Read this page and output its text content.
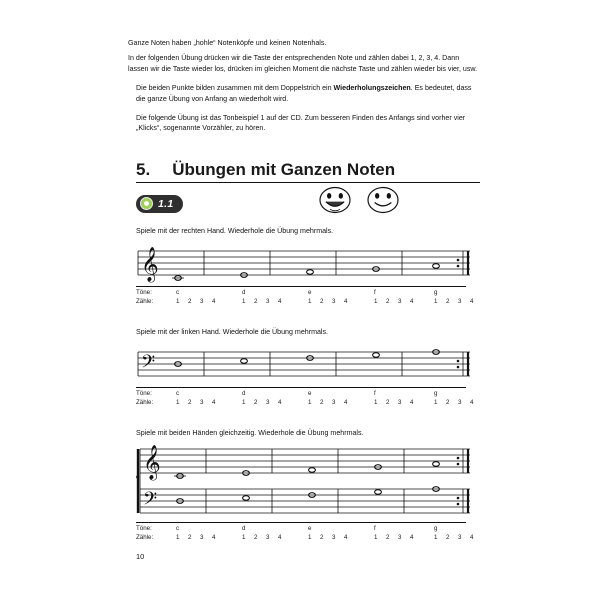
Ganze Noten haben „hohle“ Notenköpfe und keinen Notenhals.

In der folgenden Übung drücken wir die Taste der entsprechenden Note und zählen dabei 1, 2, 3, 4. Dann lassen wir die Taste wieder los, drücken im gleichen Moment die nächste Taste und zählen wieder bis vier, usw.

Die beiden Punkte bilden zusammen mit dem Doppelstrich ein Wiederholungszeichen. Es bedeutet, dass die ganze Übung von Anfang an wiederholt wird.

Die folgende Übung ist das Tonbeispiel 1 auf der CD. Zum besseren Finden des Anfangs sind vorher vier „Klicks“, sogenannte Vorzähler, zu hören.

5. Übungen mit Ganzen Noten
1.1

Spiele mit der rechten Hand. Wiederhole die Übung mehrmals.

𝄞
Töne:	c	d	e	f	g
Zähle:	1 2 3 4	1 2 3 4	1 2 3 4	1 2 3 4	1 2 3 4

Spiele mit der linken Hand. Wiederhole die Übung mehrmals.

𝄢
Töne:	c	d	e	f	g
Zähle:	1 2 3 4	1 2 3 4	1 2 3 4	1 2 3 4	1 2 3 4

Spiele mit beiden Händen gleichzeitig. Wiederhole die Übung mehrmals.

𝄞
𝄢
Töne:	c	d	e	f	g
Zähle:	1 2 3 4	1 2 3 4	1 2 3 4	1 2 3 4	1 2 3 4
10
